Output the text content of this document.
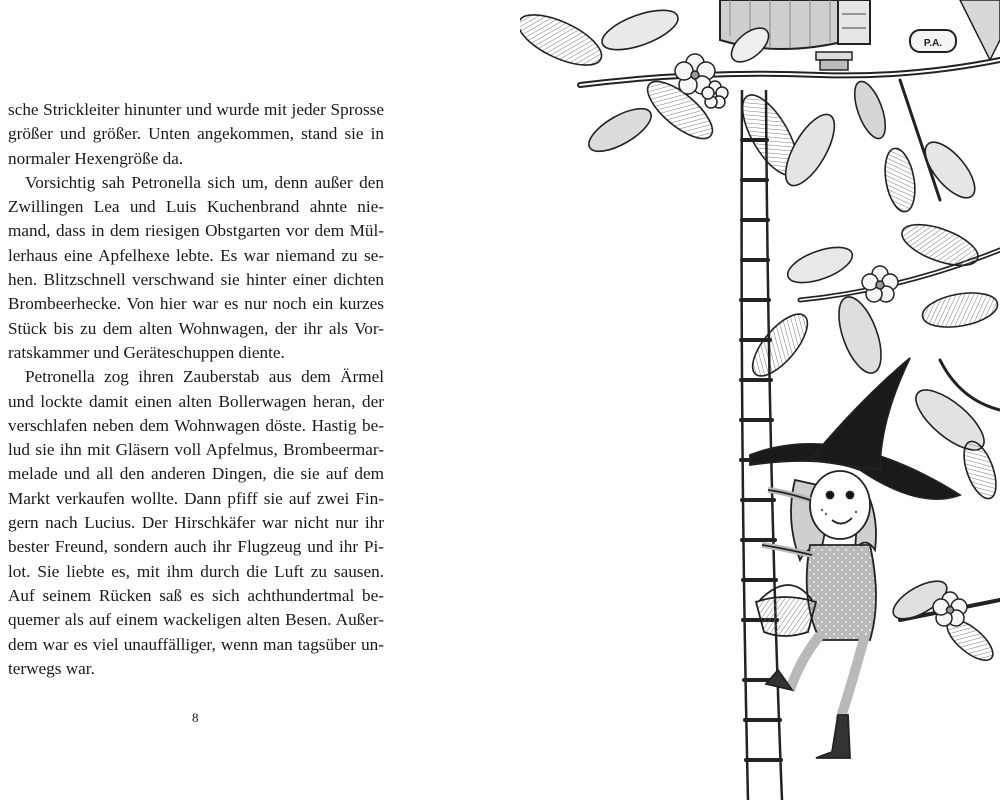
sche Strickleiter hinunter und wurde mit jeder Sprosse
größer und größer. Unten angekommen, stand sie in
normaler Hexengröße da.
Vorsichtig sah Petronella sich um, denn außer den
Zwillingen Lea und Luis Kuchenbrand ahnte nie-
mand, dass in dem riesigen Obstgarten vor dem Mül-
lerhaus eine Apfelhexe lebte. Es war niemand zu se-
hen. Blitzschnell verschwand sie hinter einer dichten
Brombeerhecke. Von hier war es nur noch ein kurzes
Stück bis zu dem alten Wohnwagen, der ihr als Vor-
ratskammer und Geräteschuppen diente.
Petronella zog ihren Zauberstab aus dem Ärmel
und lockte damit einen alten Bollerwagen heran, der
verschlafen neben dem Wohnwagen döste. Hastig be-
lud sie ihn mit Gläsern voll Apfelmus, Brombeermar-
melade und all den anderen Dingen, die sie auf dem
Markt verkaufen wollte. Dann pfiff sie auf zwei Fin-
gern nach Lucius. Der Hirschkäfer war nicht nur ihr
bester Freund, sondern auch ihr Flugzeug und ihr Pi-
lot. Sie liebte es, mit ihm durch die Luft zu sausen.
Auf seinem Rücken saß es sich achthundertmal be-
quemer als auf einem wackeligen alten Besen. Außer-
dem war es viel unauffälliger, wenn man tagsüber un-
terwegs war.
8
P.A.
